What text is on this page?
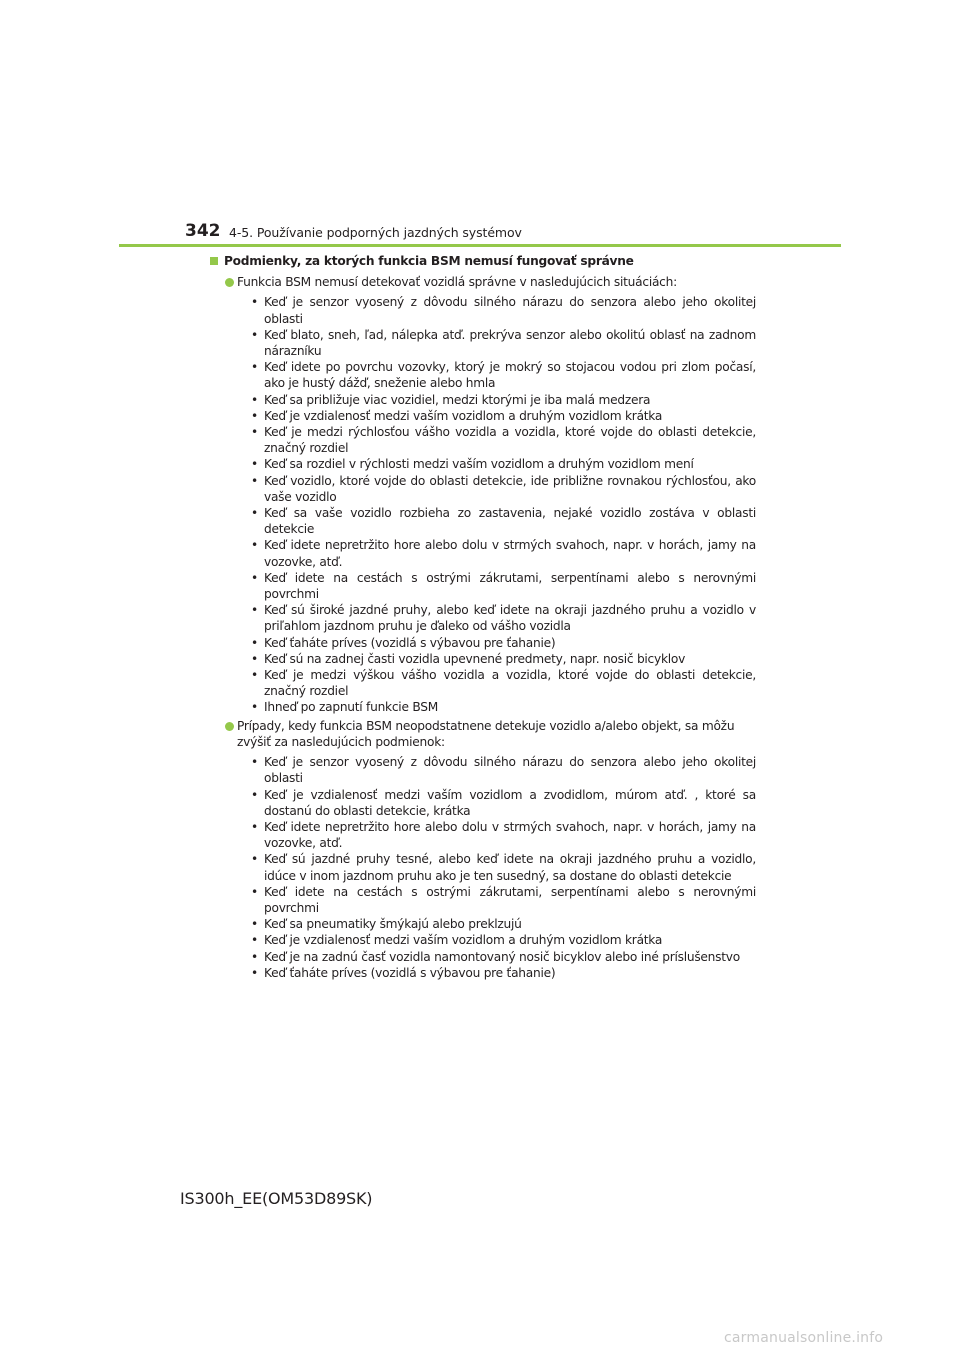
342 4-5. Používanie podporných jazdných systémov
Podmienky, za ktorých funkcia BSM nemusí fungovať správne
Funkcia BSM nemusí detekovať vozidlá správne v nasledujúcich situáciách:
• Keď je senzor vyosený z dôvodu silného nárazu do senzora alebo jeho okolitej oblasti
• Keď blato, sneh, ľad, nálepka atď. prekrýva senzor alebo okolitú oblasť na zadnom nárazníku
• Keď idete po povrchu vozovky, ktorý je mokrý so stojacou vodou pri zlom počasí, ako je hustý dážď, sneženie alebo hmla
• Keď sa približuje viac vozidiel, medzi ktorými je iba malá medzera
• Keď je vzdialenosť medzi vaším vozidlom a druhým vozidlom krátka
• Keď je medzi rýchlosťou vášho vozidla a vozidla, ktoré vojde do oblasti detekcie, značný rozdiel
• Keď sa rozdiel v rýchlosti medzi vaším vozidlom a druhým vozidlom mení
• Keď vozidlo, ktoré vojde do oblasti detekcie, ide približne rovnakou rýchlosťou, ako vaše vozidlo
• Keď sa vaše vozidlo rozbieha zo zastavenia, nejaké vozidlo zostáva v oblasti detekcie
• Keď idete nepretržito hore alebo dolu v strmých svahoch, napr. v horách, jamy na vozovke, atď.
• Keď idete na cestách s ostrými zákrutami, serpentínami alebo s nerovnými povrchmi
• Keď sú široké jazdné pruhy, alebo keď idete na okraji jazdného pruhu a vozidlo v priľahlom jazdnom pruhu je ďaleko od vášho vozidla
• Keď ťaháte príves (vozidlá s výbavou pre ťahanie)
• Keď sú na zadnej časti vozidla upevnené predmety, napr. nosič bicyklov
• Keď je medzi výškou vášho vozidla a vozidla, ktoré vojde do oblasti detekcie, značný rozdiel
• Ihneď po zapnutí funkcie BSM
Prípady, kedy funkcia BSM neopodstatnene detekuje vozidlo a/alebo objekt, sa môžu zvýšiť za nasledujúcich podmienok:
• Keď je senzor vyosený z dôvodu silného nárazu do senzora alebo jeho okolitej oblasti
• Keď je vzdialenosť medzi vaším vozidlom a zvodidlom, múrom atď. , ktoré sa dostanú do oblasti detekcie, krátka
• Keď idete nepretržito hore alebo dolu v strmých svahoch, napr. v horách, jamy na vozovke, atď.
• Keď sú jazdné pruhy tesné, alebo keď idete na okraji jazdného pruhu a vozidlo, idúce v inom jazdnom pruhu ako je ten susedný, sa dostane do oblasti detekcie
• Keď idete na cestách s ostrými zákrutami, serpentínami alebo s nerovnými povrchmi
• Keď sa pneumatiky šmýkajú alebo preklzujú
• Keď je vzdialenosť medzi vaším vozidlom a druhým vozidlom krátka
• Keď je na zadnú časť vozidla namontovaný nosič bicyklov alebo iné príslušenstvo
• Keď ťaháte príves (vozidlá s výbavou pre ťahanie)
IS300h_EE(OM53D89SK)
carmanualsonline.info
